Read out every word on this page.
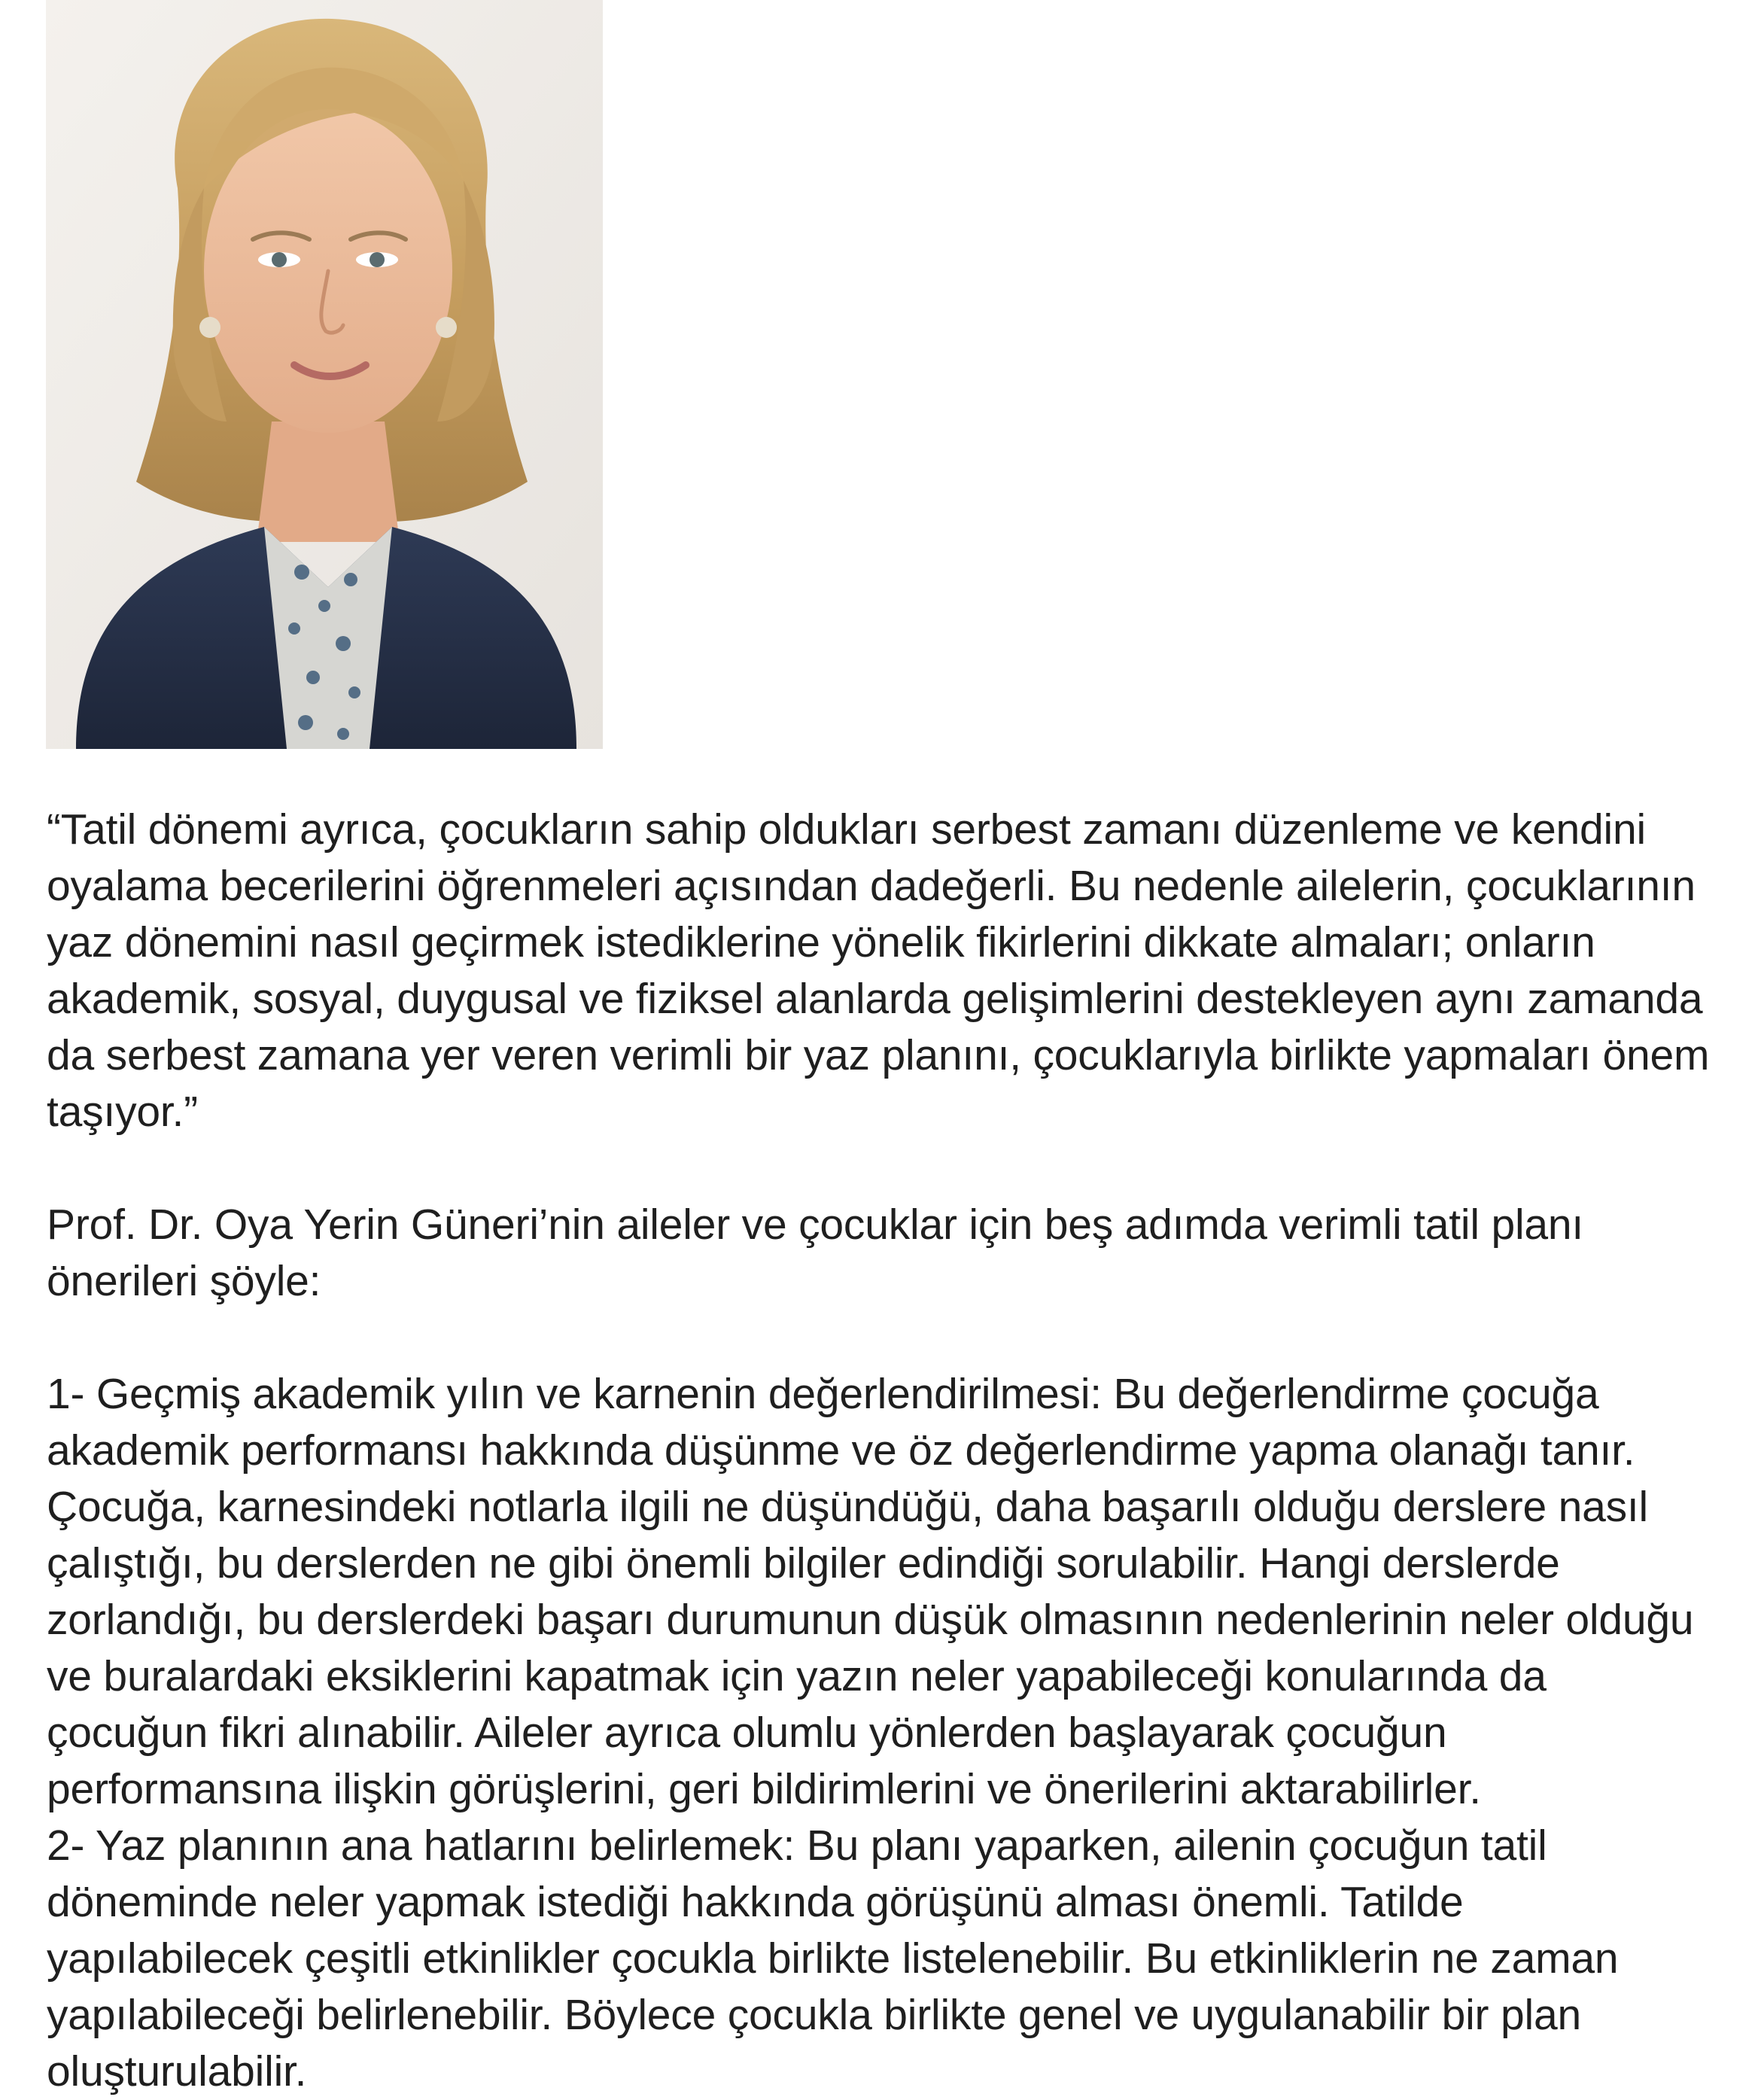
“Tatil dönemi ayrıca, çocukların sahip oldukları serbest zamanı düzenleme ve kendini oyalama becerilerini öğrenmeleri açısından dadeğerli. Bu nedenle ailelerin, çocuklarının yaz dönemini nasıl geçirmek istediklerine yönelik fikirlerini dikkate almaları; onların akademik, sosyal, duygusal ve fiziksel alanlarda gelişimlerini destekleyen aynı zamanda da serbest zamana yer veren verimli bir yaz planını, çocuklarıyla birlikte yapmaları önem taşıyor.”

Prof. Dr. Oya Yerin Güneri’nin aileler ve çocuklar için beş adımda verimli tatil planı önerileri şöyle:

1- Geçmiş akademik yılın ve karnenin değerlendirilmesi: Bu değerlendirme çocuğa akademik performansı hakkında düşünme ve öz değerlendirme yapma olanağı tanır. Çocuğa, karnesindeki notlarla ilgili ne düşündüğü, daha başarılı olduğu derslere nasıl çalıştığı, bu derslerden ne gibi önemli bilgiler edindiği sorulabilir. Hangi derslerde zorlandığı, bu derslerdeki başarı durumunun düşük olmasının nedenlerinin neler olduğu ve buralardaki eksiklerini kapatmak için yazın neler yapabileceği konularında da çocuğun fikri alınabilir. Aileler ayrıca olumlu yönlerden başlayarak çocuğun performansına ilişkin görüşlerini, geri bildirimlerini ve önerilerini aktarabilirler.

2- Yaz planının ana hatlarını belirlemek: Bu planı yaparken, ailenin çocuğun tatil döneminde neler yapmak istediği hakkında görüşünü alması önemli. Tatilde yapılabilecek çeşitli etkinlikler çocukla birlikte listelenebilir. Bu etkinliklerin ne zaman yapılabileceği belirlenebilir. Böylece çocukla birlikte genel ve uygulanabilir bir plan oluşturulabilir.
